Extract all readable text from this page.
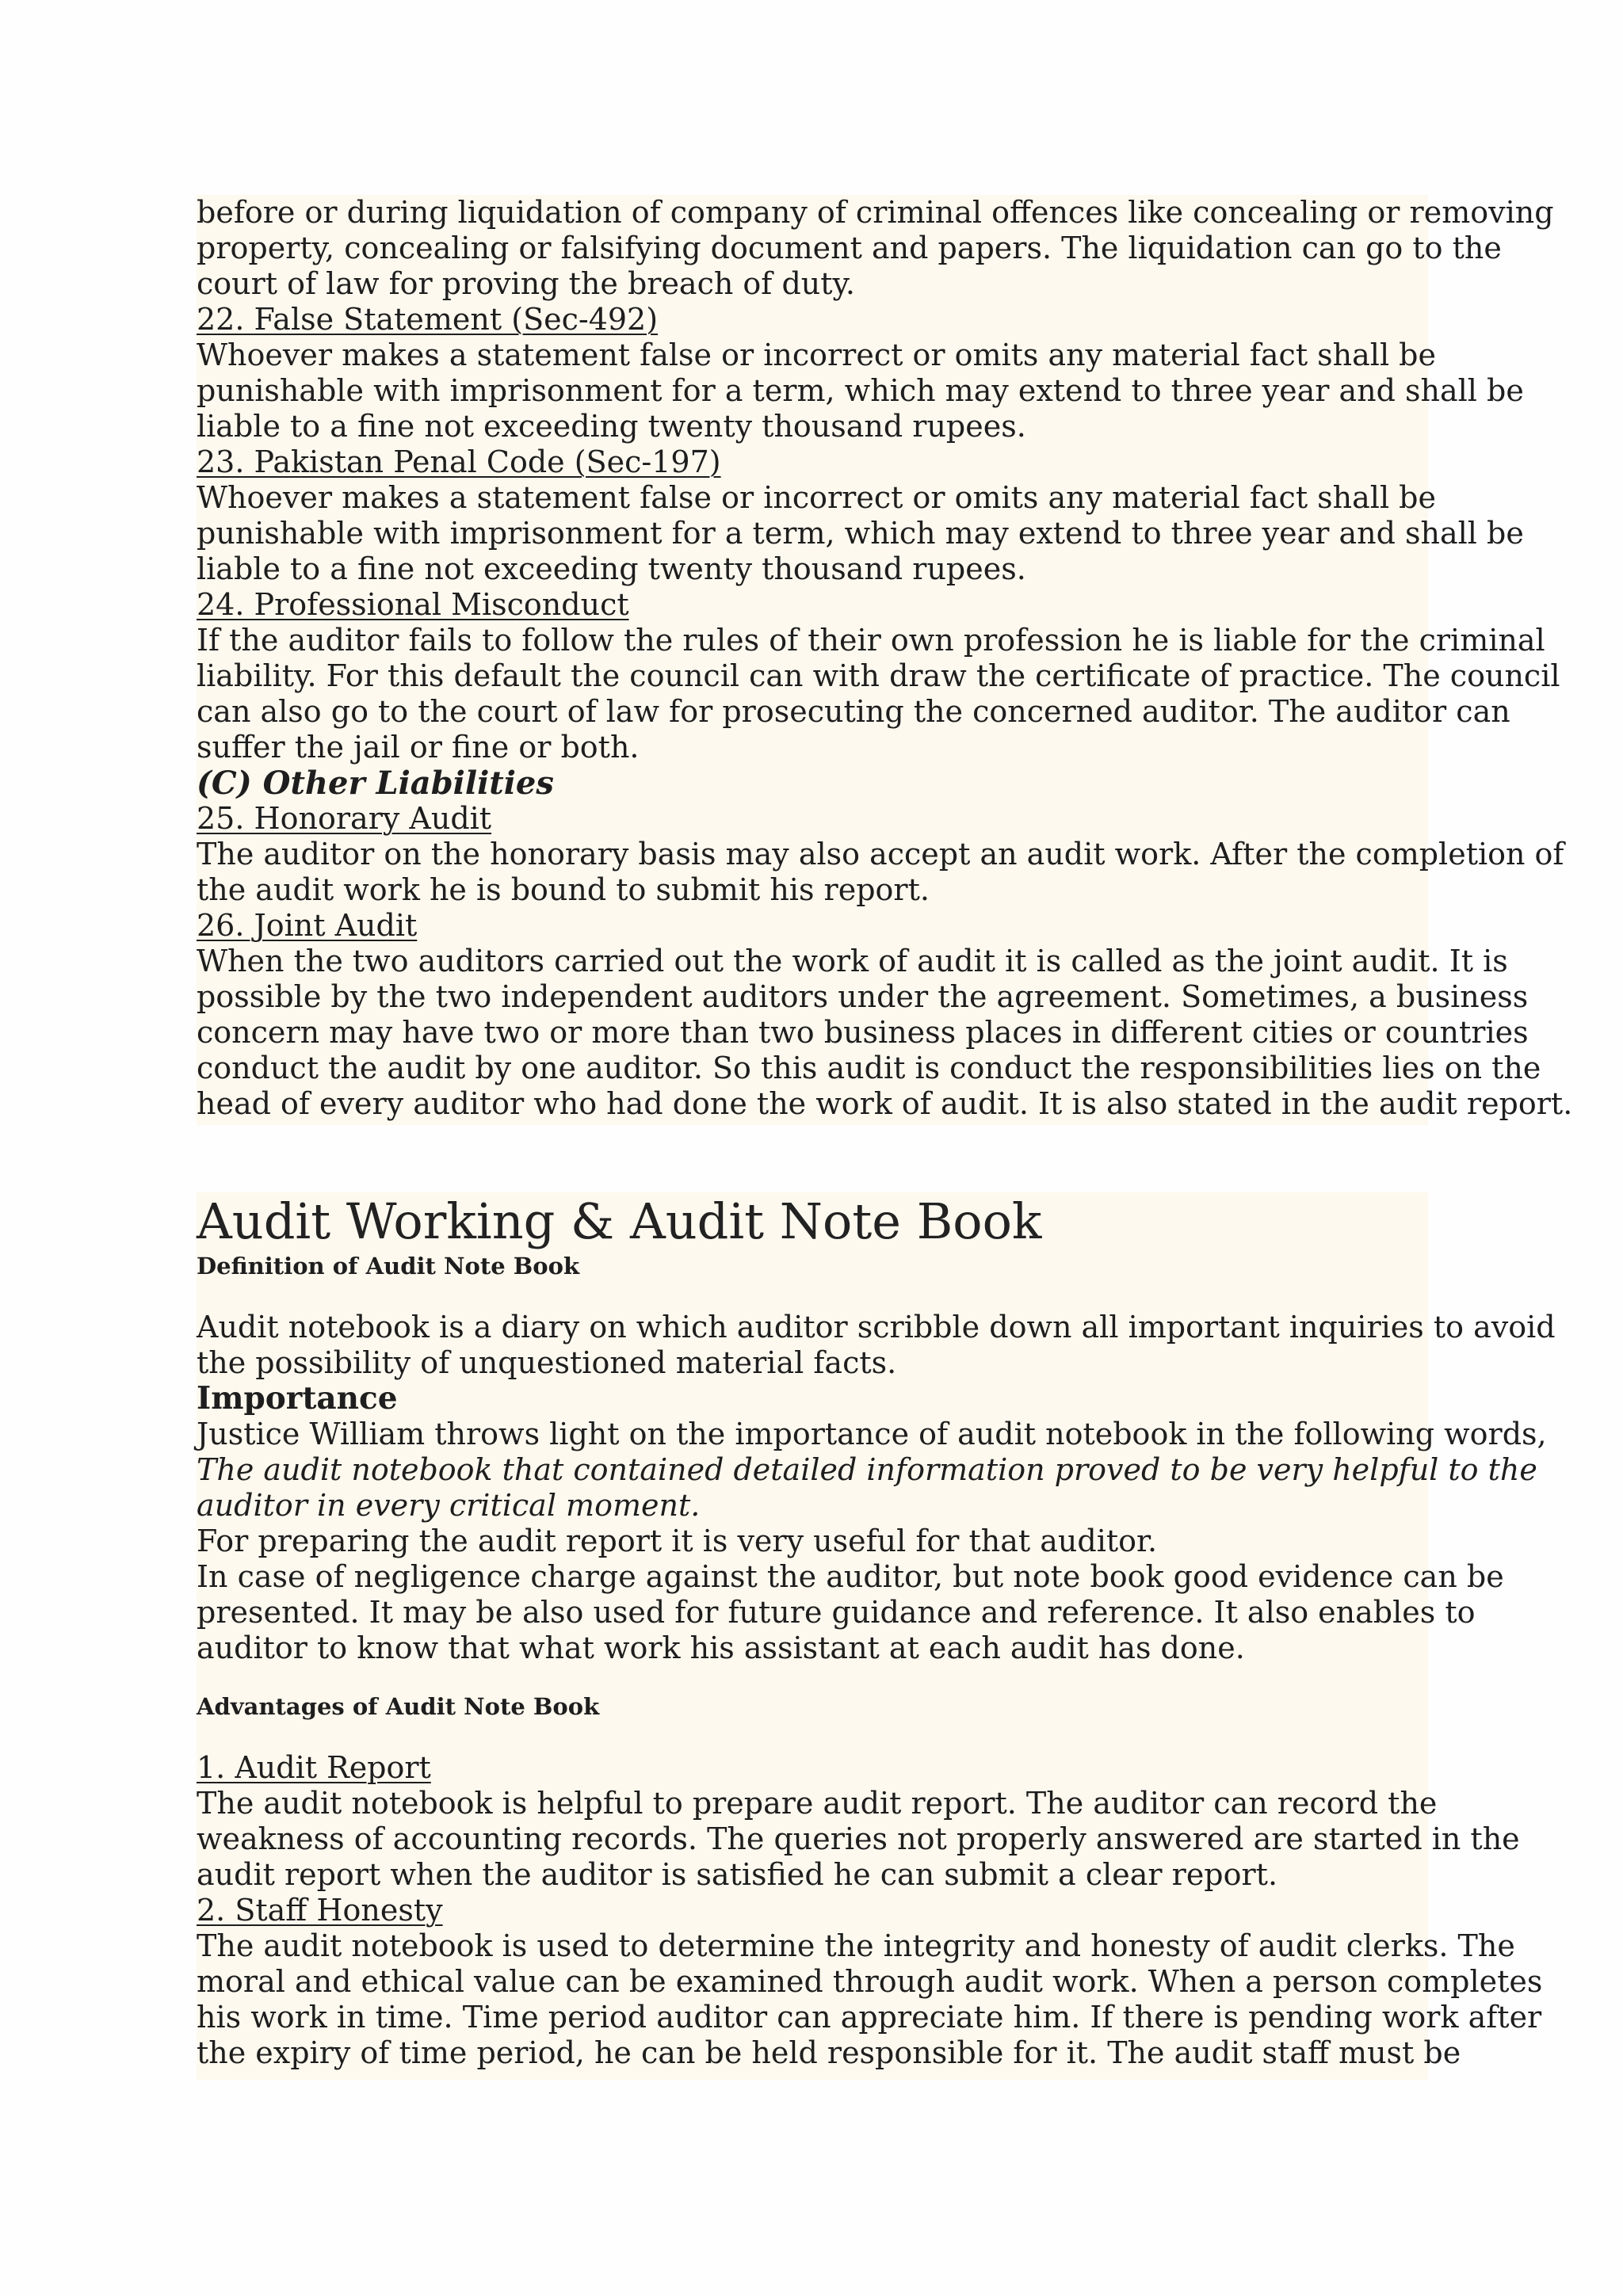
before or during liquidation of company of criminal offences like concealing or removing
property, concealing or falsifying document and papers. The liquidation can go to the
court of law for proving the breach of duty.
22. False Statement (Sec-492)
Whoever makes a statement false or incorrect or omits any material fact shall be
punishable with imprisonment for a term, which may extend to three year and shall be
liable to a fine not exceeding twenty thousand rupees.
23. Pakistan Penal Code (Sec-197)
Whoever makes a statement false or incorrect or omits any material fact shall be
punishable with imprisonment for a term, which may extend to three year and shall be
liable to a fine not exceeding twenty thousand rupees.
24. Professional Misconduct
If the auditor fails to follow the rules of their own profession he is liable for the criminal
liability. For this default the council can with draw the certificate of practice. The council
can also go to the court of law for prosecuting the concerned auditor. The auditor can
suffer the jail or fine or both.
(C) Other Liabilities
25. Honorary Audit
The auditor on the honorary basis may also accept an audit work. After the completion of
the audit work he is bound to submit his report.
26. Joint Audit
When the two auditors carried out the work of audit it is called as the joint audit. It is
possible by the two independent auditors under the agreement. Sometimes, a business
concern may have two or more than two business places in different cities or countries
conduct the audit by one auditor. So this audit is conduct the responsibilities lies on the
head of every auditor who had done the work of audit. It is also stated in the audit report.
Audit Working & Audit Note Book
Definition of Audit Note Book
Audit notebook is a diary on which auditor scribble down all important inquiries to avoid
the possibility of unquestioned material facts.
Importance
Justice William throws light on the importance of audit notebook in the following words,
The audit notebook that contained detailed information proved to be very helpful to the
auditor in every critical moment.
For preparing the audit report it is very useful for that auditor.
In case of negligence charge against the auditor, but note book good evidence can be
presented. It may be also used for future guidance and reference. It also enables to
auditor to know that what work his assistant at each audit has done.
Advantages of Audit Note Book
1. Audit Report
The audit notebook is helpful to prepare audit report. The auditor can record the
weakness of accounting records. The queries not properly answered are started in the
audit report when the auditor is satisfied he can submit a clear report.
2. Staff Honesty
The audit notebook is used to determine the integrity and honesty of audit clerks. The
moral and ethical value can be examined through audit work. When a person completes
his work in time. Time period auditor can appreciate him. If there is pending work after
the expiry of time period, he can be held responsible for it. The audit staff must be
